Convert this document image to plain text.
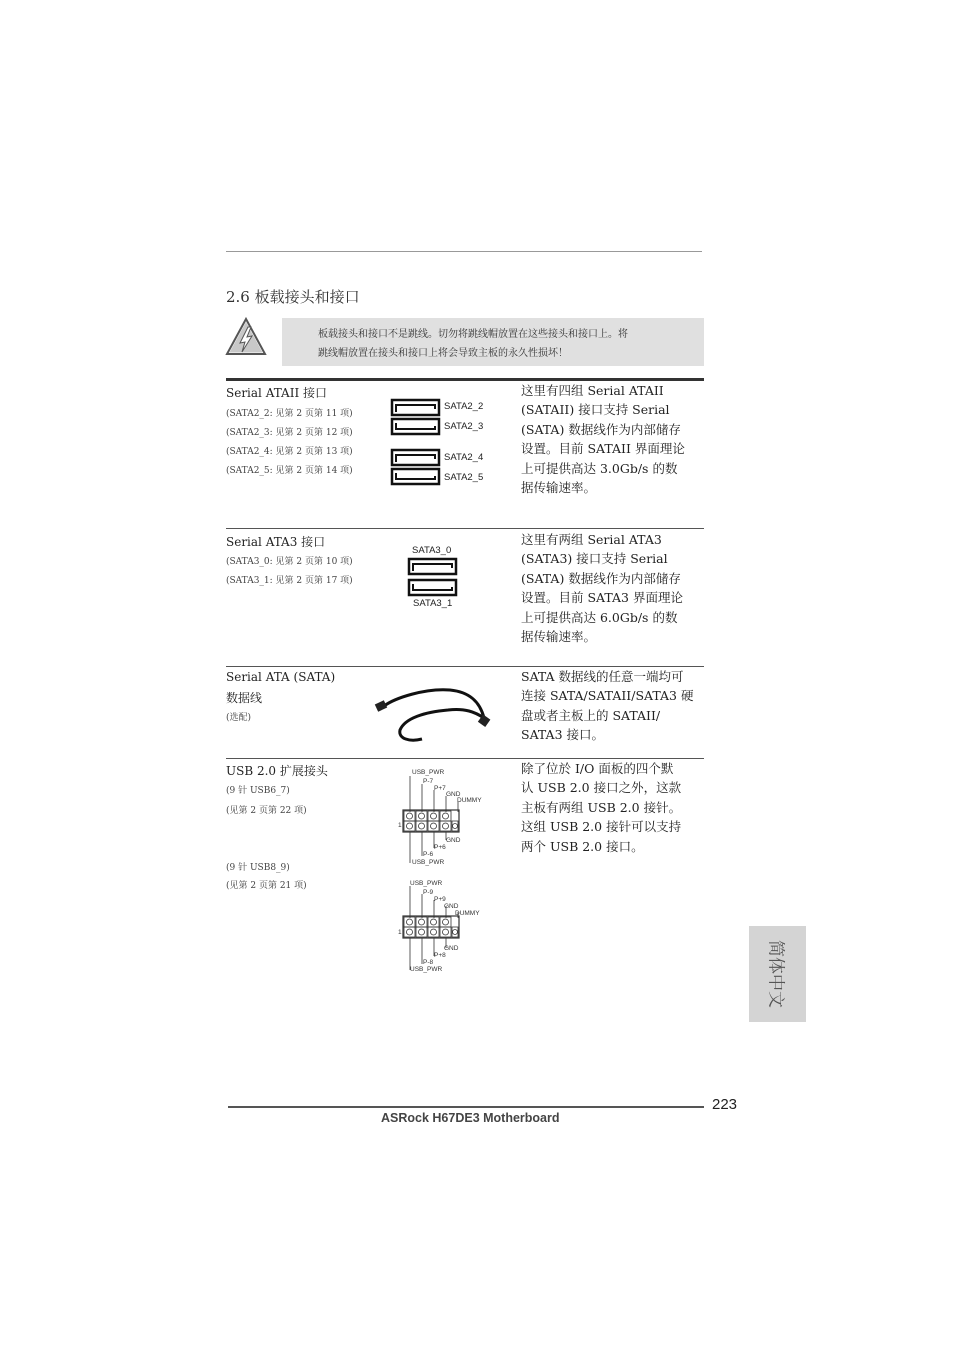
2.6 板载接头和接口
板载接头和接口不是跳线。切勿将跳线帽放置在这些接头和接口上。将
跳线帽放置在接头和接口上将会导致主板的永久性损坏！
Serial ATAII 接口
(SATA2_2: 见第 2 页第 11 项)
(SATA2_3: 见第 2 页第 12 项)
(SATA2_4: 见第 2 页第 13 项)
(SATA2_5: 见第 2 页第 14 项)
SATA2_2
SATA2_3
SATA2_4
SATA2_5
这里有四组 Serial ATAII
(SATAII) 接口支持 Serial
(SATA) 数据线作为内部储存
设置。目前 SATAII 界面理论
上可提供高达 3.0Gb/s 的数
据传输速率。
Serial ATA3 接口
(SATA3_0: 见第 2 页第 10 项)
(SATA3_1: 见第 2 页第 17 项)
SATA3_0
SATA3_1
这里有两组 Serial ATA3
(SATA3) 接口支持 Serial
(SATA) 数据线作为内部储存
设置。目前 SATA3 界面理论
上可提供高达 6.0Gb/s 的数
据传输速率。
Serial ATA (SATA)
数据线
(选配)
SATA 数据线的任意一端均可
连接 SATA/SATAII/SATA3 硬
盘或者主板上的 SATAII/
SATA3 接口。
USB 2.0 扩展接头
(9 针 USB6_7)
(见第 2 页第 22 项)
(9 针 USB8_9)
(见第 2 页第 21 项)
USB_PWR
P-7
P+7
GND
DUMMY
1
GND
P+6
P-6
USB_PWR
USB_PWR
P-9
P+9
GND
DUMMY
1
GND
P+8
P-8
USB_PWR
除了位於 I/O 面板的四个默
认 USB 2.0 接口之外，这款
主板有两组 USB 2.0 接针。
这组 USB 2.0 接针可以支持
两个 USB 2.0 接口。
简体中文
223
ASRock H67DE3 Motherboard
